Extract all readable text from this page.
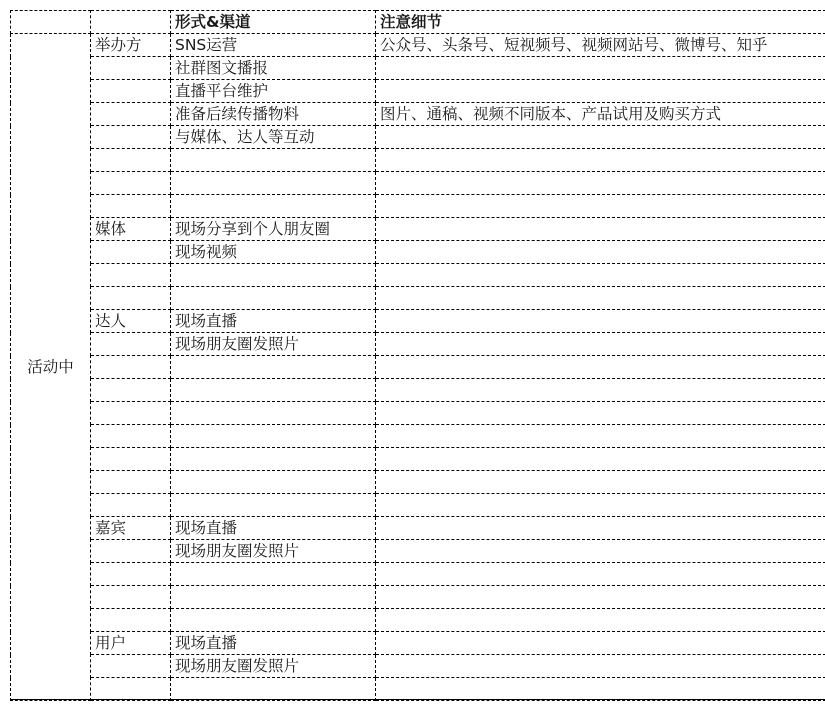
		形式&渠道	注意细节
活动中	举办方	SNS运营	公众号、头条号、短视频号、视频网站号、微博号、知乎
		社群图文播报	
		直播平台维护	
		准备后续传播物料	图片、通稿、视频不同版本、产品试用及购买方式
		与媒体、达人等互动	

	媒体	现场分享到个人朋友圈	
		现场视频	

	达人	现场直播	
		现场朋友圈发照片	

	嘉宾	现场直播	
		现场朋友圈发照片	

	用户	现场直播	
		现场朋友圈发照片	
